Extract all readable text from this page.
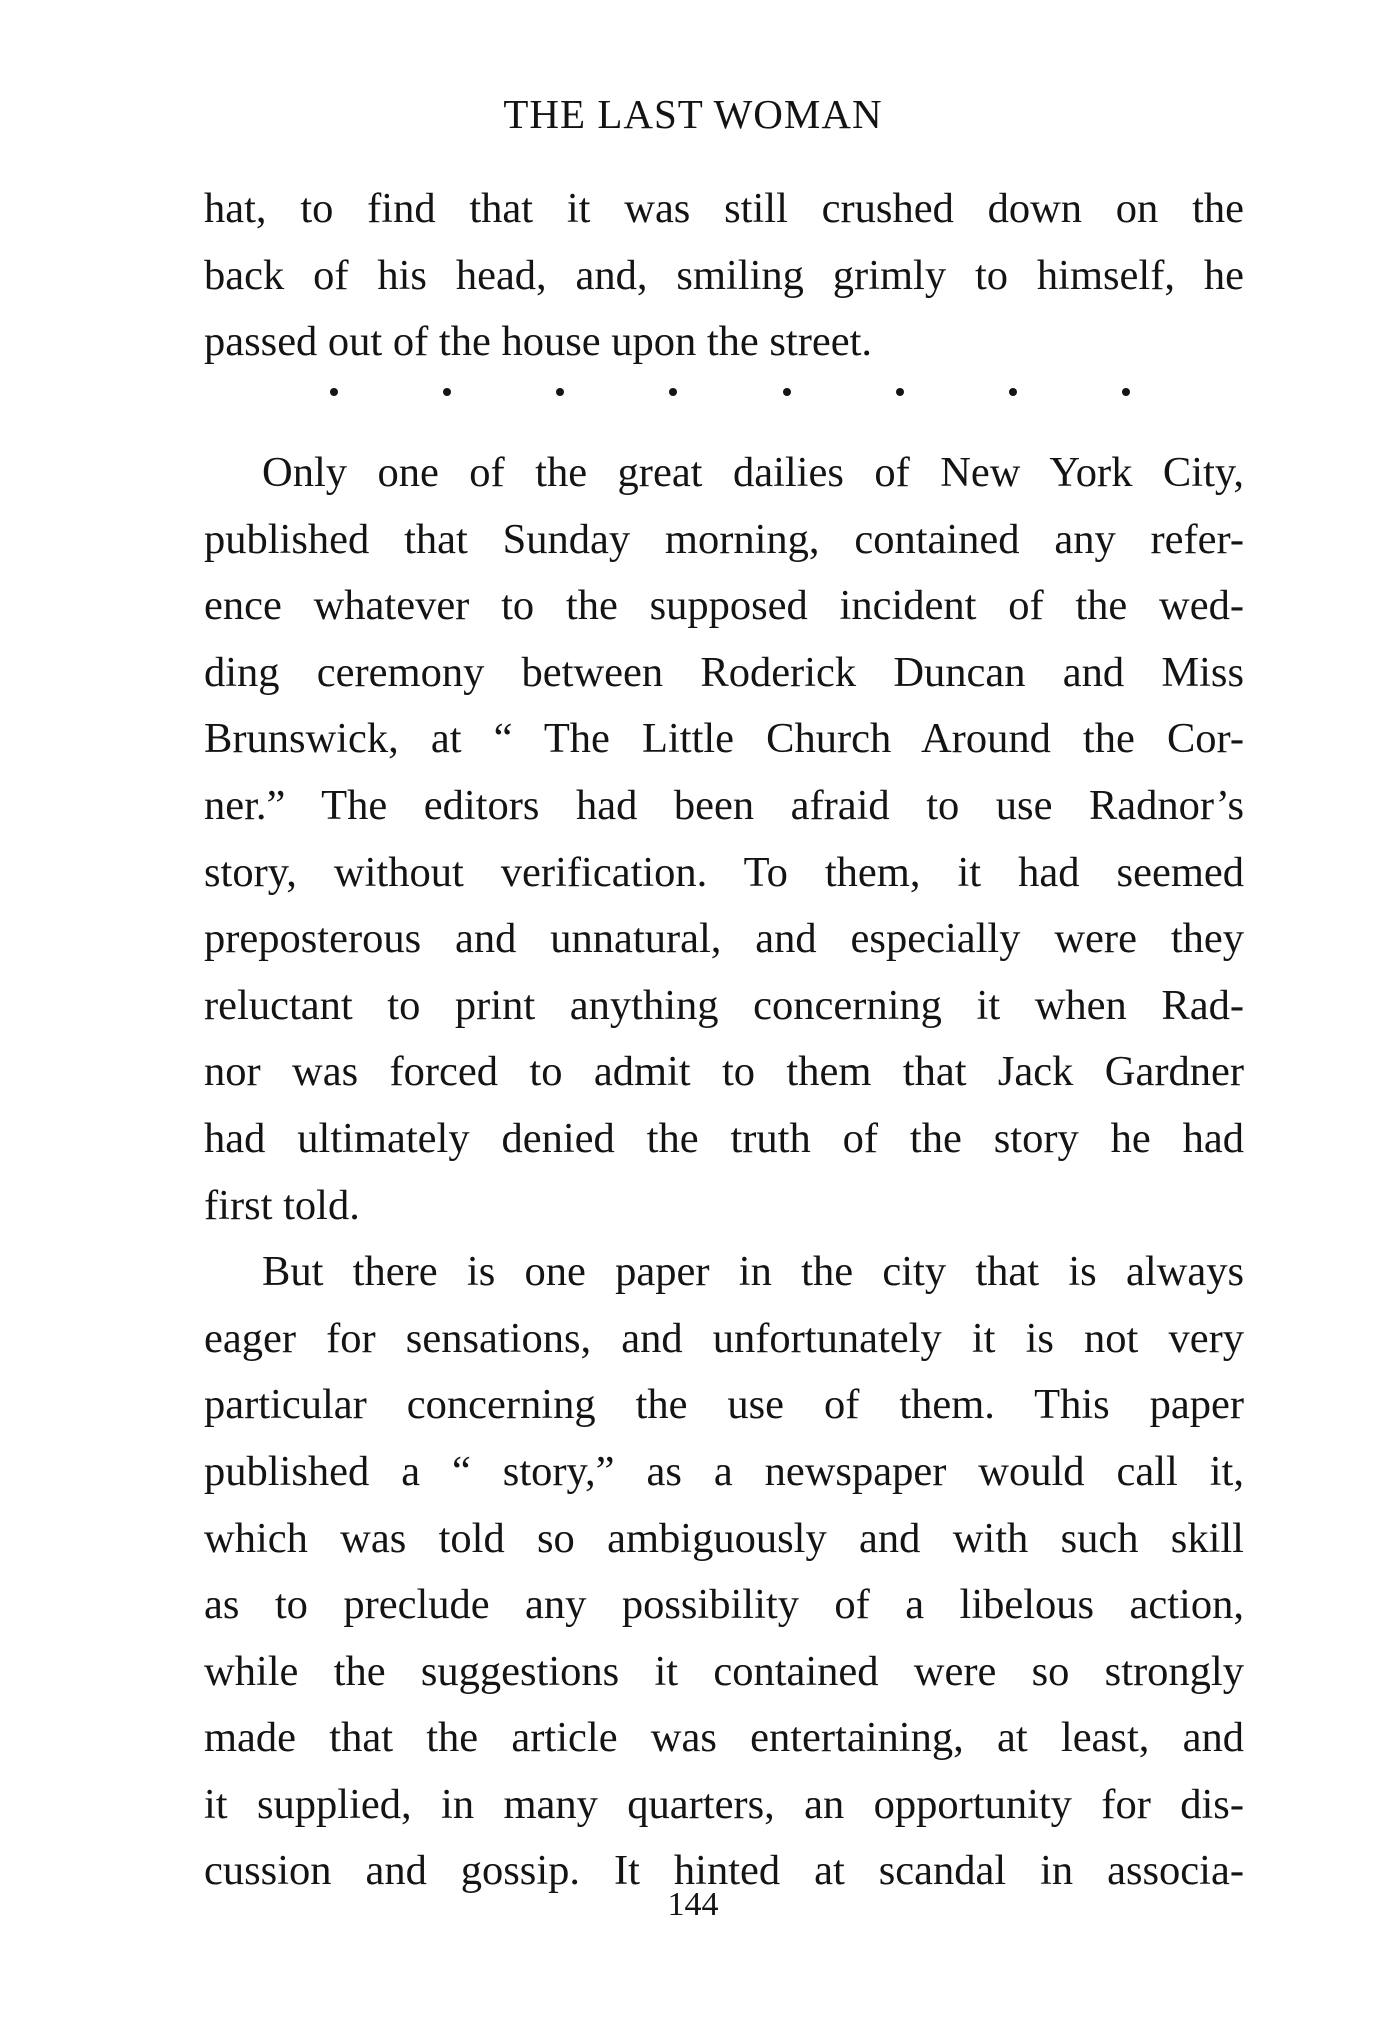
THE LAST WOMAN
hat, to find that it was still crushed down on the
back of his head, and, smiling grimly to himself, he
passed out of the house upon the street.
Only one of the great dailies of New York City,
published that Sunday morning, contained any refer-
ence whatever to the supposed incident of the wed-
ding ceremony between Roderick Duncan and Miss
Brunswick, at “ The Little Church Around the Cor-
ner.” The editors had been afraid to use Radnor’s
story, without verification. To them, it had seemed
preposterous and unnatural, and especially were they
reluctant to print anything concerning it when Rad-
nor was forced to admit to them that Jack Gardner
had ultimately denied the truth of the story he had
first told.
But there is one paper in the city that is always
eager for sensations, and unfortunately it is not very
particular concerning the use of them. This paper
published a “ story,” as a newspaper would call it,
which was told so ambiguously and with such skill
as to preclude any possibility of a libelous action,
while the suggestions it contained were so strongly
made that the article was entertaining, at least, and
it supplied, in many quarters, an opportunity for dis-
cussion and gossip. It hinted at scandal in associa-
144
